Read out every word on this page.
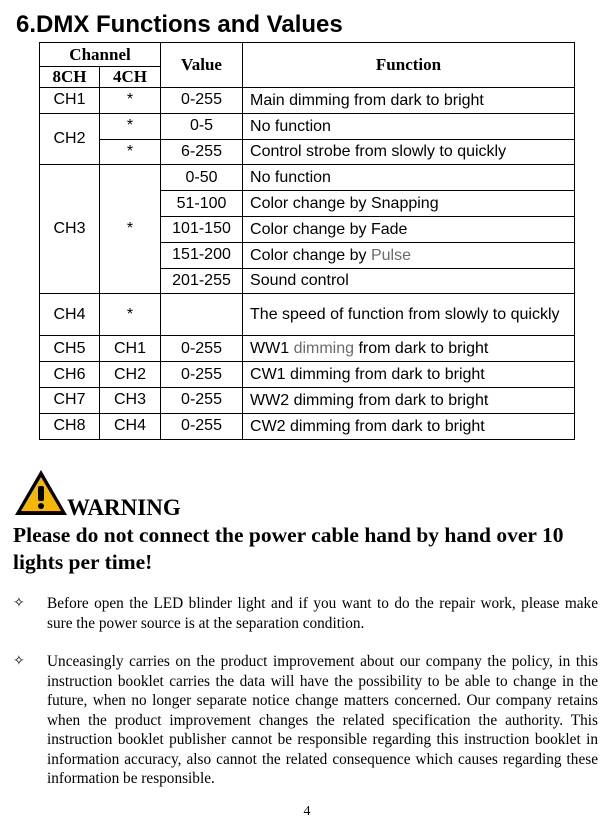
6.DMX Functions and Values
Channel		Value	Function
8CH	4CH		
CH1	*	0-255	Main dimming from dark to bright
CH2	*	0-5	No function
	*	6-255	Control strobe from slowly to quickly
CH3	*	0-50	No function
		51-100	Color change by Snapping
		101-150	Color change by Fade
		151-200	Color change by Pulse
		201-255	Sound control
CH4	*		The speed of function from slowly to quickly
CH5	CH1	0-255	WW1 dimming from dark to bright
CH6	CH2	0-255	CW1 dimming from dark to bright
CH7	CH3	0-255	WW2 dimming from dark to bright
CH8	CH4	0-255	CW2 dimming from dark to bright
WARNING

Please do not connect the power cable hand by hand over 10 lights per time!

✧	Before open the LED blinder light and if you want to do the repair work, please make sure the power source is at the separation condition.
✧	Unceasingly carries on the product improvement about our company the policy, in this instruction booklet carries the data will have the possibility to be able to change in the future, when no longer separate notice change matters concerned. Our company retains when the product improvement changes the related specification the authority. This instruction booklet publisher cannot be responsible regarding this instruction booklet in information accuracy, also cannot the related consequence which causes regarding these information be responsible.
4
